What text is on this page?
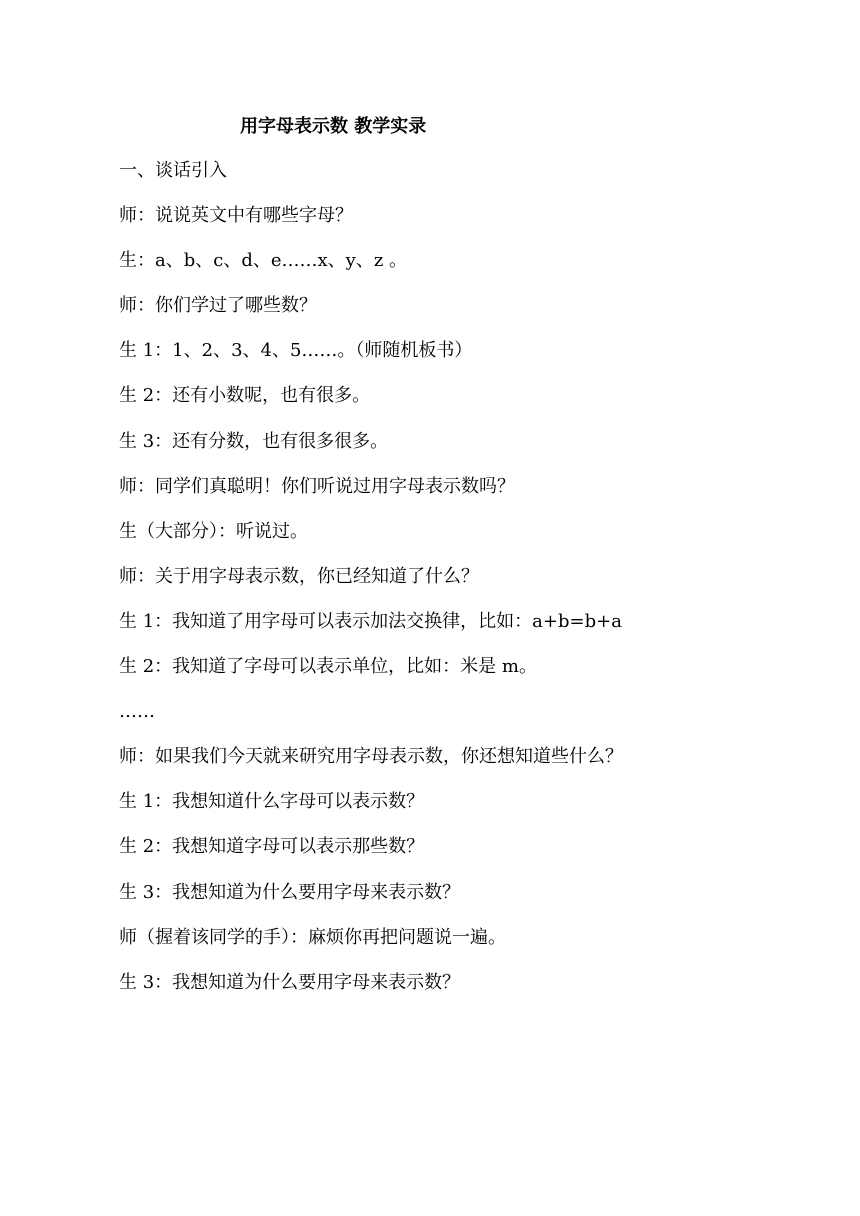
用字母表示数 教学实录
一、谈话引入
师：说说英文中有哪些字母？
生：a、b、c、d、e……x、y、z 。
师：你们学过了哪些数？
生 1：1、2、3、4、5……。（师随机板书）
生 2：还有小数呢，也有很多。
生 3：还有分数，也有很多很多。
师：同学们真聪明！你们听说过用字母表示数吗？
生（大部分）：听说过。
师：关于用字母表示数，你已经知道了什么？
生 1：我知道了用字母可以表示加法交换律，比如：a+b=b+a
生 2：我知道了字母可以表示单位，比如：米是 m。
……
师：如果我们今天就来研究用字母表示数，你还想知道些什么？
生 1：我想知道什么字母可以表示数？
生 2：我想知道字母可以表示那些数？
生 3：我想知道为什么要用字母来表示数？
师（握着该同学的手）：麻烦你再把问题说一遍。
生 3：我想知道为什么要用字母来表示数？
